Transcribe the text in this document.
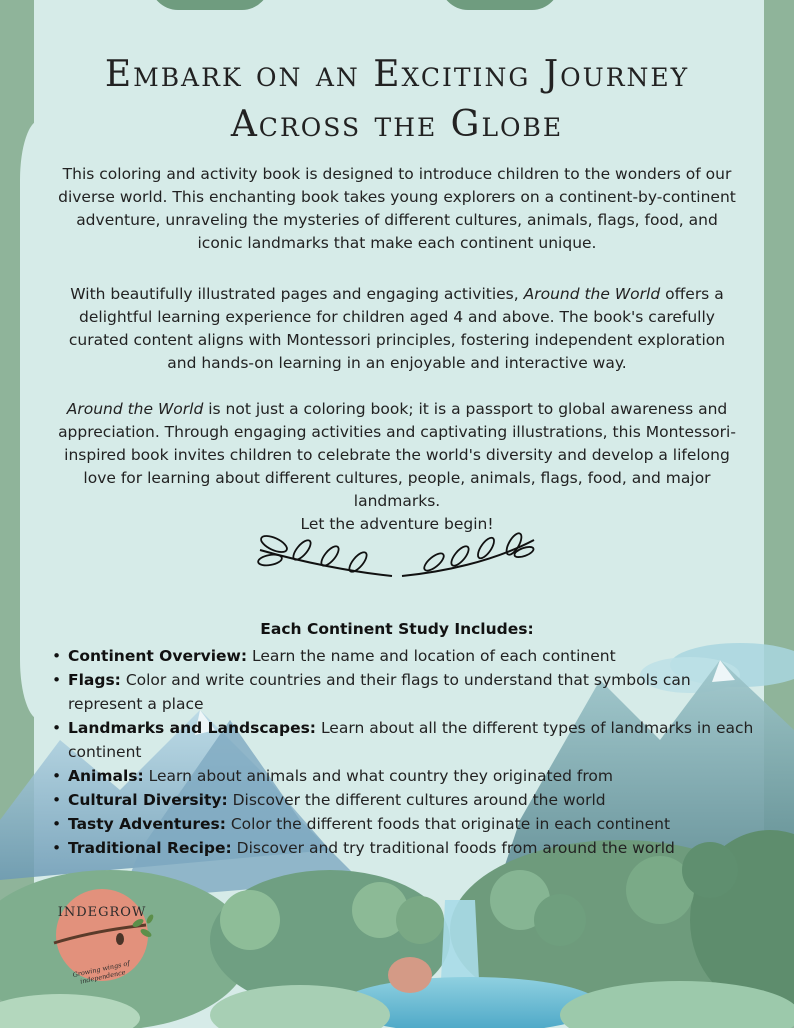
Embark on an Exciting Journey
Across the Globe

This coloring and activity book is designed to introduce children to the wonders of our diverse world. This enchanting book takes young explorers on a continent-by-continent adventure, unraveling the mysteries of different cultures, animals, flags, food, and iconic landmarks that make each continent unique.

With beautifully illustrated pages and engaging activities, Around the World offers a delightful learning experience for children aged 4 and above. The book's carefully curated content aligns with Montessori principles, fostering independent exploration and hands-on learning in an enjoyable and interactive way.

Around the World is not just a coloring book; it is a passport to global awareness and appreciation. Through engaging activities and captivating illustrations, this Montessori-inspired book invites children to celebrate the world's diversity and develop a lifelong love for learning about different cultures, people, animals, flags, food, and major landmarks.
Let the adventure begin!

Each Continent Study Includes:

• Continent Overview: Learn the name and location of each continent
• Flags: Color and write countries and their flags to understand that symbols can represent a place
• Landmarks and Landscapes: Learn about all the different types of landmarks in each continent
• Animals: Learn about animals and what country they originated from
• Cultural Diversity: Discover the different cultures around the world
• Tasty Adventures: Color the different foods that originate in each continent
• Traditional Recipe: Discover and try traditional foods from around the world
INDEGROW
Growing wings of independence
